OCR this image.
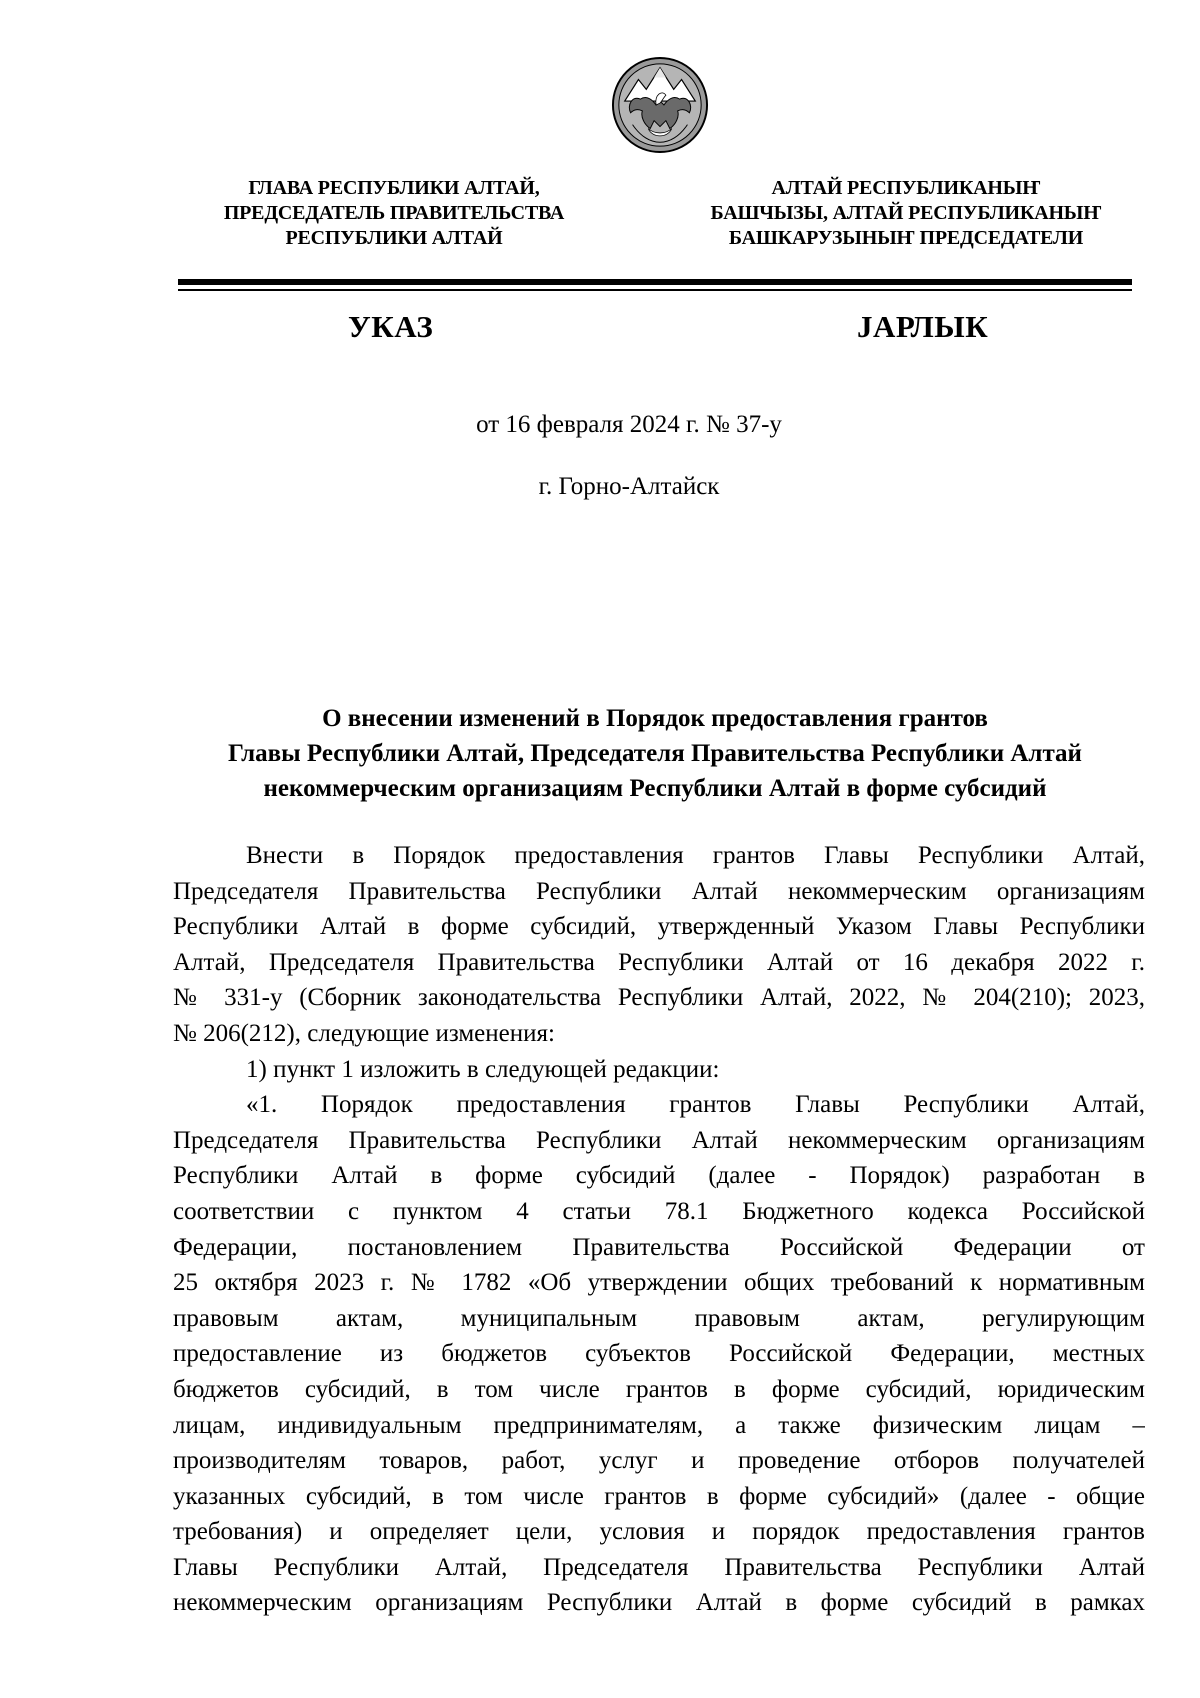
ГЛАВА РЕСПУБЛИКИ АЛТАЙ,
ПРЕДСЕДАТЕЛЬ ПРАВИТЕЛЬСТВА
РЕСПУБЛИКИ АЛТАЙ
АЛТАЙ РЕСПУБЛИКАНЫҤ
БАШЧЫЗЫ, АЛТАЙ РЕСПУБЛИКАНЫҤ
БАШКАРУЗЫНЫҤ ПРЕДСЕДАТЕЛИ
УКАЗ	JАРЛЫК
от 16 февраля 2024 г. № 37-у
г. Горно-Алтайск
О внесении изменений в Порядок предоставления грантов
Главы Республики Алтай, Председателя Правительства Республики Алтай
некоммерческим организациям Республики Алтай в форме субсидий
Внести в Порядок предоставления грантов Главы Республики Алтай,
Председателя Правительства Республики Алтай некоммерческим организациям
Республики Алтай в форме субсидий, утвержденный Указом Главы Республики
Алтай, Председателя Правительства Республики Алтай от 16 декабря 2022 г.
№ 331-у (Сборник законодательства Республики Алтай, 2022, № 204(210); 2023,
№ 206(212), следующие изменения:
1) пункт 1 изложить в следующей редакции:
«1. Порядок предоставления грантов Главы Республики Алтай,
Председателя Правительства Республики Алтай некоммерческим организациям
Республики Алтай в форме субсидий (далее - Порядок) разработан в
соответствии с пунктом 4 статьи 78.1 Бюджетного кодекса Российской
Федерации, постановлением Правительства Российской Федерации от
25 октября 2023 г. № 1782 «Об утверждении общих требований к нормативным
правовым актам, муниципальным правовым актам, регулирующим
предоставление из бюджетов субъектов Российской Федерации, местных
бюджетов субсидий, в том числе грантов в форме субсидий, юридическим
лицам, индивидуальным предпринимателям, а также физическим лицам –
производителям товаров, работ, услуг и проведение отборов получателей
указанных субсидий, в том числе грантов в форме субсидий» (далее - общие
требования) и определяет цели, условия и порядок предоставления грантов
Главы Республики Алтай, Председателя Правительства Республики Алтай
некоммерческим организациям Республики Алтай в форме субсидий в рамках
